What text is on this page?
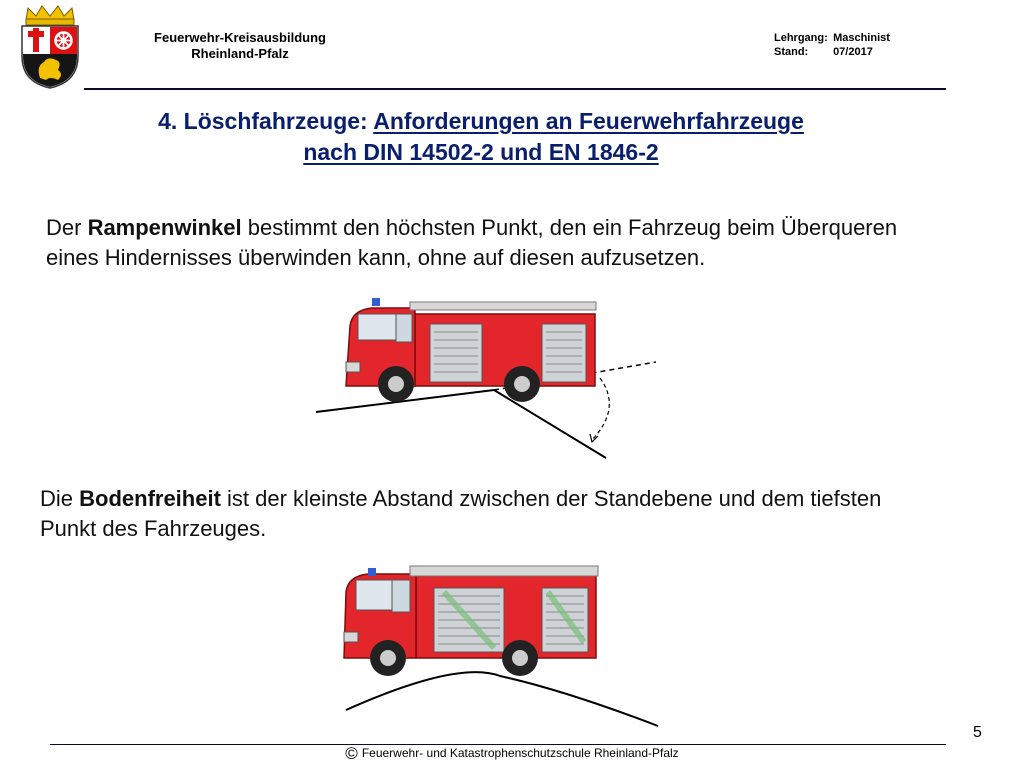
Feuerwehr-Kreisausbildung
Rheinland-Pfalz
Lehrgang: Maschinist
Stand: 07/2017
4. Löschfahrzeuge: Anforderungen an Feuerwehrfahrzeuge
nach DIN 14502-2 und EN 1846-2
Der Rampenwinkel bestimmt den höchsten Punkt, den ein Fahrzeug beim Überqueren eines Hindernisses überwinden kann, ohne auf diesen aufzusetzen.
Die Bodenfreiheit ist der kleinste Abstand zwischen der Standebene und dem tiefsten Punkt des Fahrzeuges.
5
© Feuerwehr- und Katastrophenschutzschule Rheinland-Pfalz
